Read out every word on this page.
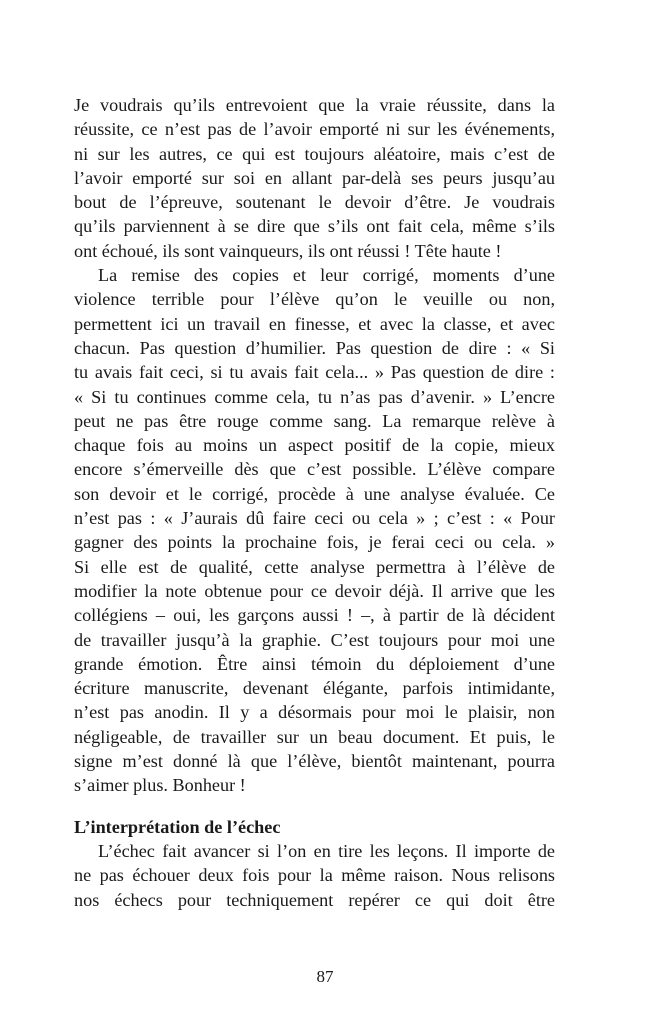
Je voudrais qu’ils entrevoient que la vraie réussite, dans la
réussite, ce n’est pas de l’avoir emporté ni sur les événements,
ni sur les autres, ce qui est toujours aléatoire, mais c’est de
l’avoir emporté sur soi en allant par-delà ses peurs jusqu’au
bout de l’épreuve, soutenant le devoir d’être. Je voudrais
qu’ils parviennent à se dire que s’ils ont fait cela, même s’ils
ont échoué, ils sont vainqueurs, ils ont réussi ! Tête haute !
La remise des copies et leur corrigé, moments d’une
violence terrible pour l’élève qu’on le veuille ou non,
permettent ici un travail en finesse, et avec la classe, et avec
chacun. Pas question d’humilier. Pas question de dire : « Si
tu avais fait ceci, si tu avais fait cela... » Pas question de dire :
« Si tu continues comme cela, tu n’as pas d’avenir. » L’encre
peut ne pas être rouge comme sang. La remarque relève à
chaque fois au moins un aspect positif de la copie, mieux
encore s’émerveille dès que c’est possible. L’élève compare
son devoir et le corrigé, procède à une analyse évaluée. Ce
n’est pas : « J’aurais dû faire ceci ou cela » ; c’est : « Pour
gagner des points la prochaine fois, je ferai ceci ou cela. »
Si elle est de qualité, cette analyse permettra à l’élève de
modifier la note obtenue pour ce devoir déjà. Il arrive que les
collégiens – oui, les garçons aussi ! –, à partir de là décident
de travailler jusqu’à la graphie. C’est toujours pour moi une
grande émotion. Être ainsi témoin du déploiement d’une
écriture manuscrite, devenant élégante, parfois intimidante,
n’est pas anodin. Il y a désormais pour moi le plaisir, non
négligeable, de travailler sur un beau document. Et puis, le
signe m’est donné là que l’élève, bientôt maintenant, pourra
s’aimer plus. Bonheur !
L’interprétation de l’échec
L’échec fait avancer si l’on en tire les leçons. Il importe de
ne pas échouer deux fois pour la même raison. Nous relisons
nos échecs pour techniquement repérer ce qui doit être
87
